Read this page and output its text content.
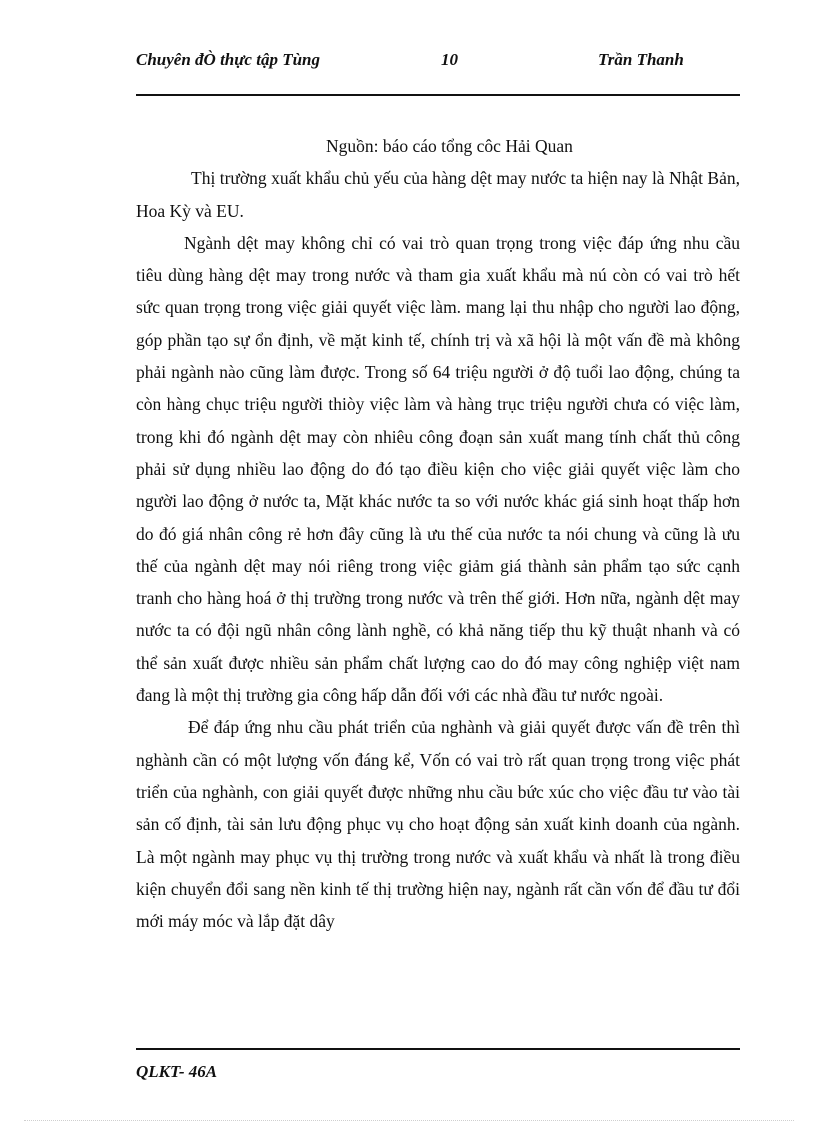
Chuyên đÒ thực tập Tùng	10	Trần Thanh

Nguồn: báo cáo tổng côc Hải Quan

Thị trường xuất khẩu chủ yếu của hàng dệt may nước ta hiện nay là Nhật Bản, Hoa Kỳ và EU.

Ngành dệt may không chỉ có vai trò quan trọng trong việc đáp ứng nhu cầu tiêu dùng hàng dệt may trong nước và tham gia xuất khẩu mà nú còn có vai trò hết sức quan trọng trong việc giải quyết việc làm. mang lại thu nhập cho người lao động, góp phần tạo sự ổn định, về mặt kinh tế, chính trị và xã hội là một vấn đề mà không phải ngành nào cũng làm được. Trong số 64 triệu người ở độ tuổi lao động, chúng ta còn hàng chục triệu người thiòy việc làm và hàng trục triệu người chưa có việc làm, trong khi đó ngành dệt may còn nhiêu công đoạn sản xuất mang tính chất thủ công phải sử dụng nhiều lao động do đó tạo điều kiện cho việc giải quyết việc làm cho người lao động ở nước ta, Mặt khác nước ta so với nước khác giá sinh hoạt thấp hơn do đó giá nhân công rẻ hơn đây cũng là ưu thế của nước ta nói chung và cũng là ưu thế của ngành dệt may nói riêng trong việc giảm giá thành sản phẩm tạo sức cạnh tranh cho hàng hoá ở thị trường trong nước và trên thế giới. Hơn nữa, ngành dệt may nước ta có đội ngũ nhân công lành nghề, có khả năng tiếp thu kỹ thuật nhanh và có thể sản xuất được nhiều sản phẩm chất lượng cao do đó may công nghiệp việt nam đang là một thị trường gia công hấp dẫn đối với các nhà đầu tư nước ngoài.

Để đáp ứng nhu cầu phát triển của nghành và giải quyết được vấn đề trên thì nghành cần có một lượng vốn đáng kể, Vốn có vai trò rất quan trọng trong việc phát triển của nghành, con giải quyết được những nhu cầu bức xúc cho việc đầu tư vào tài sản cố định, tài sản lưu động phục vụ cho hoạt động sản xuất kinh doanh của ngành. Là một ngành may phục vụ thị trường trong nước và xuất khẩu và nhất là trong điều kiện chuyển đổi sang nền kinh tế thị trường hiện nay, ngành rất cần vốn để đầu tư đổi mới máy móc và lắp đặt dây

QLKT- 46A
